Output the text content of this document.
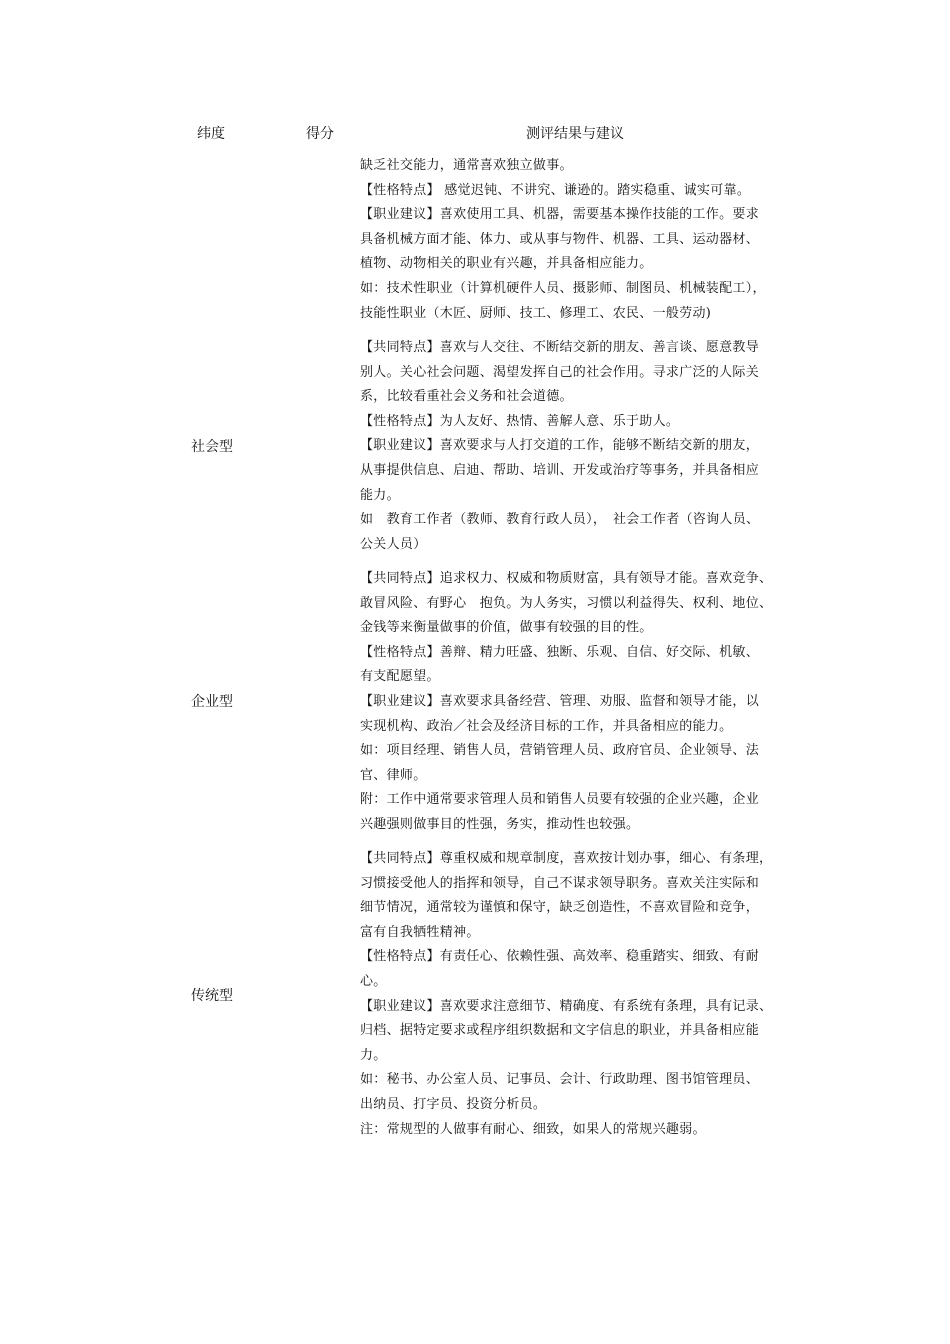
纬度	得分	测评结果与建议
缺乏社交能力，通常喜欢独立做事。
【性格特点】 感觉迟钝、不讲究、谦逊的。踏实稳重、诚实可靠。
【职业建议】喜欢使用工具、机器，需要基本操作技能的工作。要求
具备机械方面才能、体力、或从事与物件、机器、工具、运动器材、
植物、动物相关的职业有兴趣，并具备相应能力。
如：技术性职业（计算机硬件人员、摄影师、制图员、机械装配工），
技能性职业（木匠、厨师、技工、修理工、农民、一般劳动)
社会型
【共同特点】喜欢与人交往、不断结交新的朋友、善言谈、愿意教导
别人。关心社会问题、渴望发挥自己的社会作用。寻求广泛的人际关
系，比较看重社会义务和社会道德。
【性格特点】为人友好、热情、善解人意、乐于助人。
【职业建议】喜欢要求与人打交道的工作，能够不断结交新的朋友，
从事提供信息、启迪、帮助、培训、开发或治疗等事务，并具备相应
能力。
如　教育工作者（教师、教育行政人员），　社会工作者（咨询人员、
公关人员）
企业型
【共同特点】追求权力、权威和物质财富，具有领导才能。喜欢竞争、
敢冒风险、有野心　抱负。为人务实，习惯以利益得失、权利、地位、
金钱等来衡量做事的价值，做事有较强的目的性。
【性格特点】善辩、精力旺盛、独断、乐观、自信、好交际、机敏、
有支配愿望。
【职业建议】喜欢要求具备经营、管理、劝服、监督和领导才能，以
实现机构、政治／社会及经济目标的工作，并具备相应的能力。
如：项目经理、销售人员，营销管理人员、政府官员、企业领导、法
官、律师。
附：工作中通常要求管理人员和销售人员要有较强的企业兴趣，企业
兴趣强则做事目的性强，务实，推动性也较强。
传统型
【共同特点】尊重权威和规章制度，喜欢按计划办事，细心、有条理，
习惯接受他人的指挥和领导，自己不谋求领导职务。喜欢关注实际和
细节情况，通常较为谨慎和保守，缺乏创造性，不喜欢冒险和竞争，
富有自我牺牲精神。
【性格特点】有责任心、依赖性强、高效率、稳重踏实、细致、有耐
心。
【职业建议】喜欢要求注意细节、精确度、有系统有条理，具有记录、
归档、据特定要求或程序组织数据和文字信息的职业，并具备相应能
力。
如：秘书、办公室人员、记事员、会计、行政助理、图书馆管理员、
出纳员、打字员、投资分析员。
注：常规型的人做事有耐心、细致，如果人的常规兴趣弱。
